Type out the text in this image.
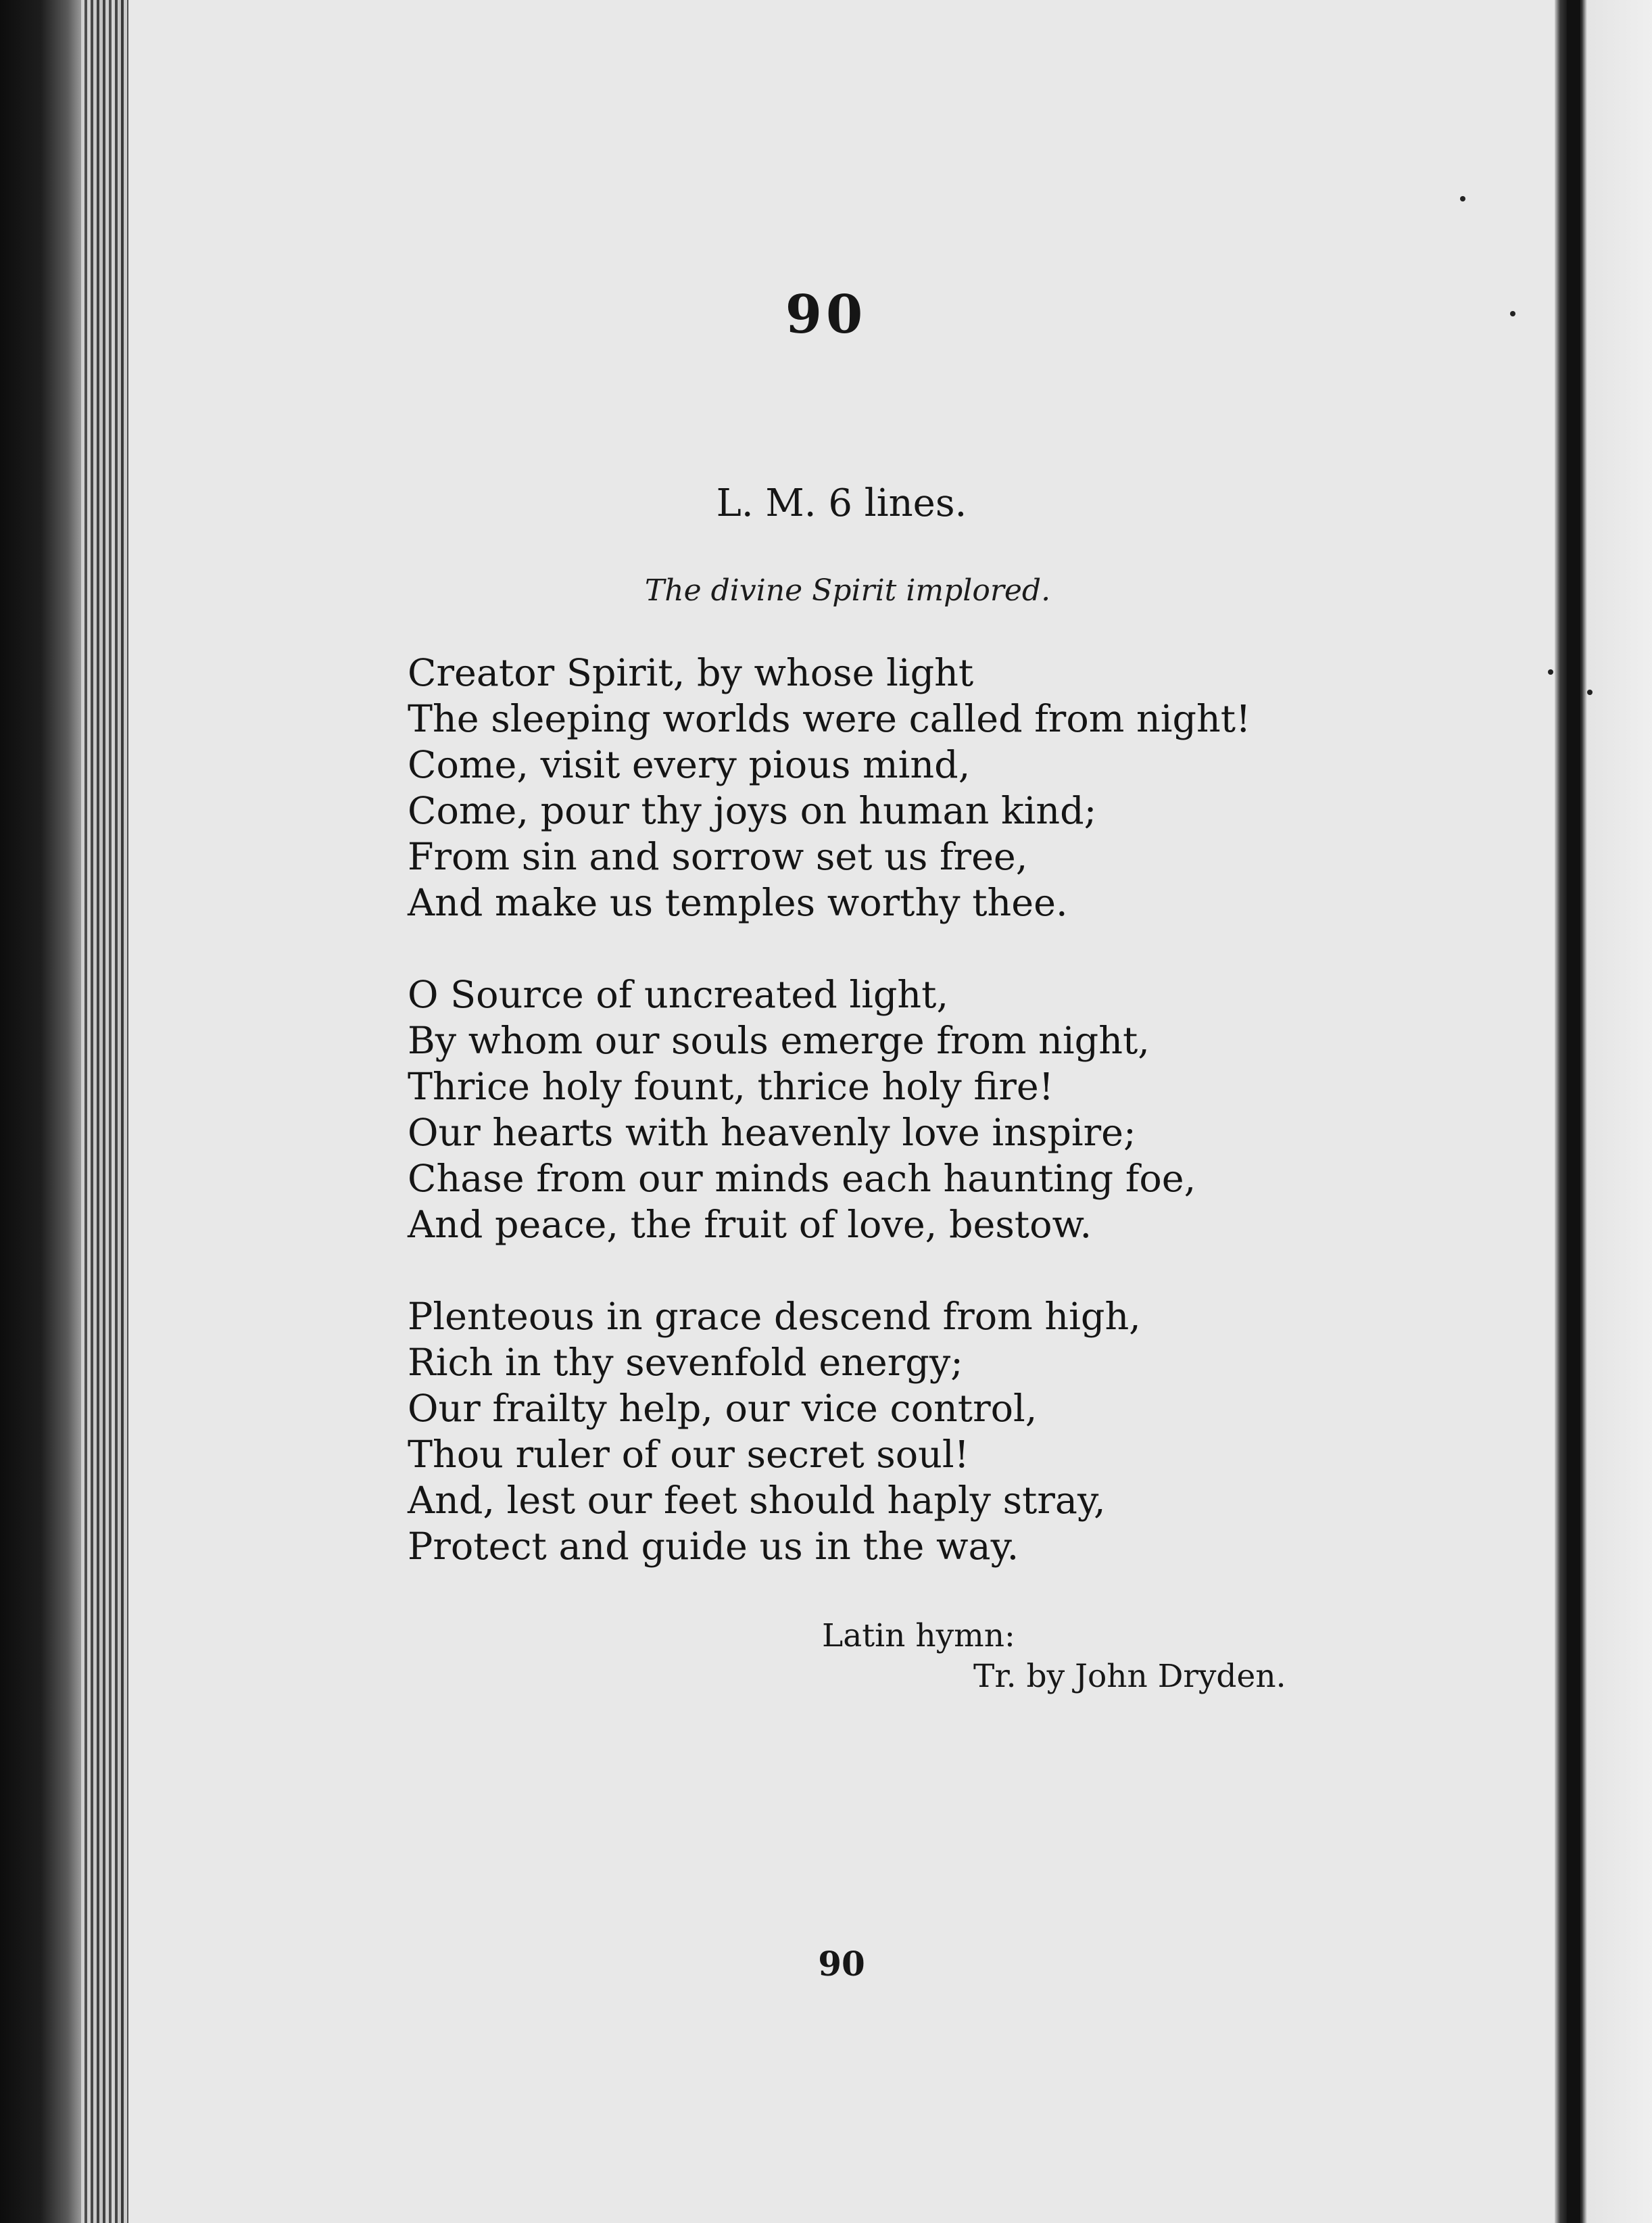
90
L. M. 6 lines.
The divine Spirit implored.
Creator Spirit, by whose light
The sleeping worlds were called from night!
Come, visit every pious mind,
Come, pour thy joys on human kind;
From sin and sorrow set us free,
And make us temples worthy thee.
O Source of uncreated light,
By whom our souls emerge from night,
Thrice holy fount, thrice holy fire!
Our hearts with heavenly love inspire;
Chase from our minds each haunting foe,
And peace, the fruit of love, bestow.
Plenteous in grace descend from high,
Rich in thy sevenfold energy;
Our frailty help, our vice control,
Thou ruler of our secret soul!
And, lest our feet should haply stray,
Protect and guide us in the way.
Latin hymn:
Tr. by John Dryden.
90
